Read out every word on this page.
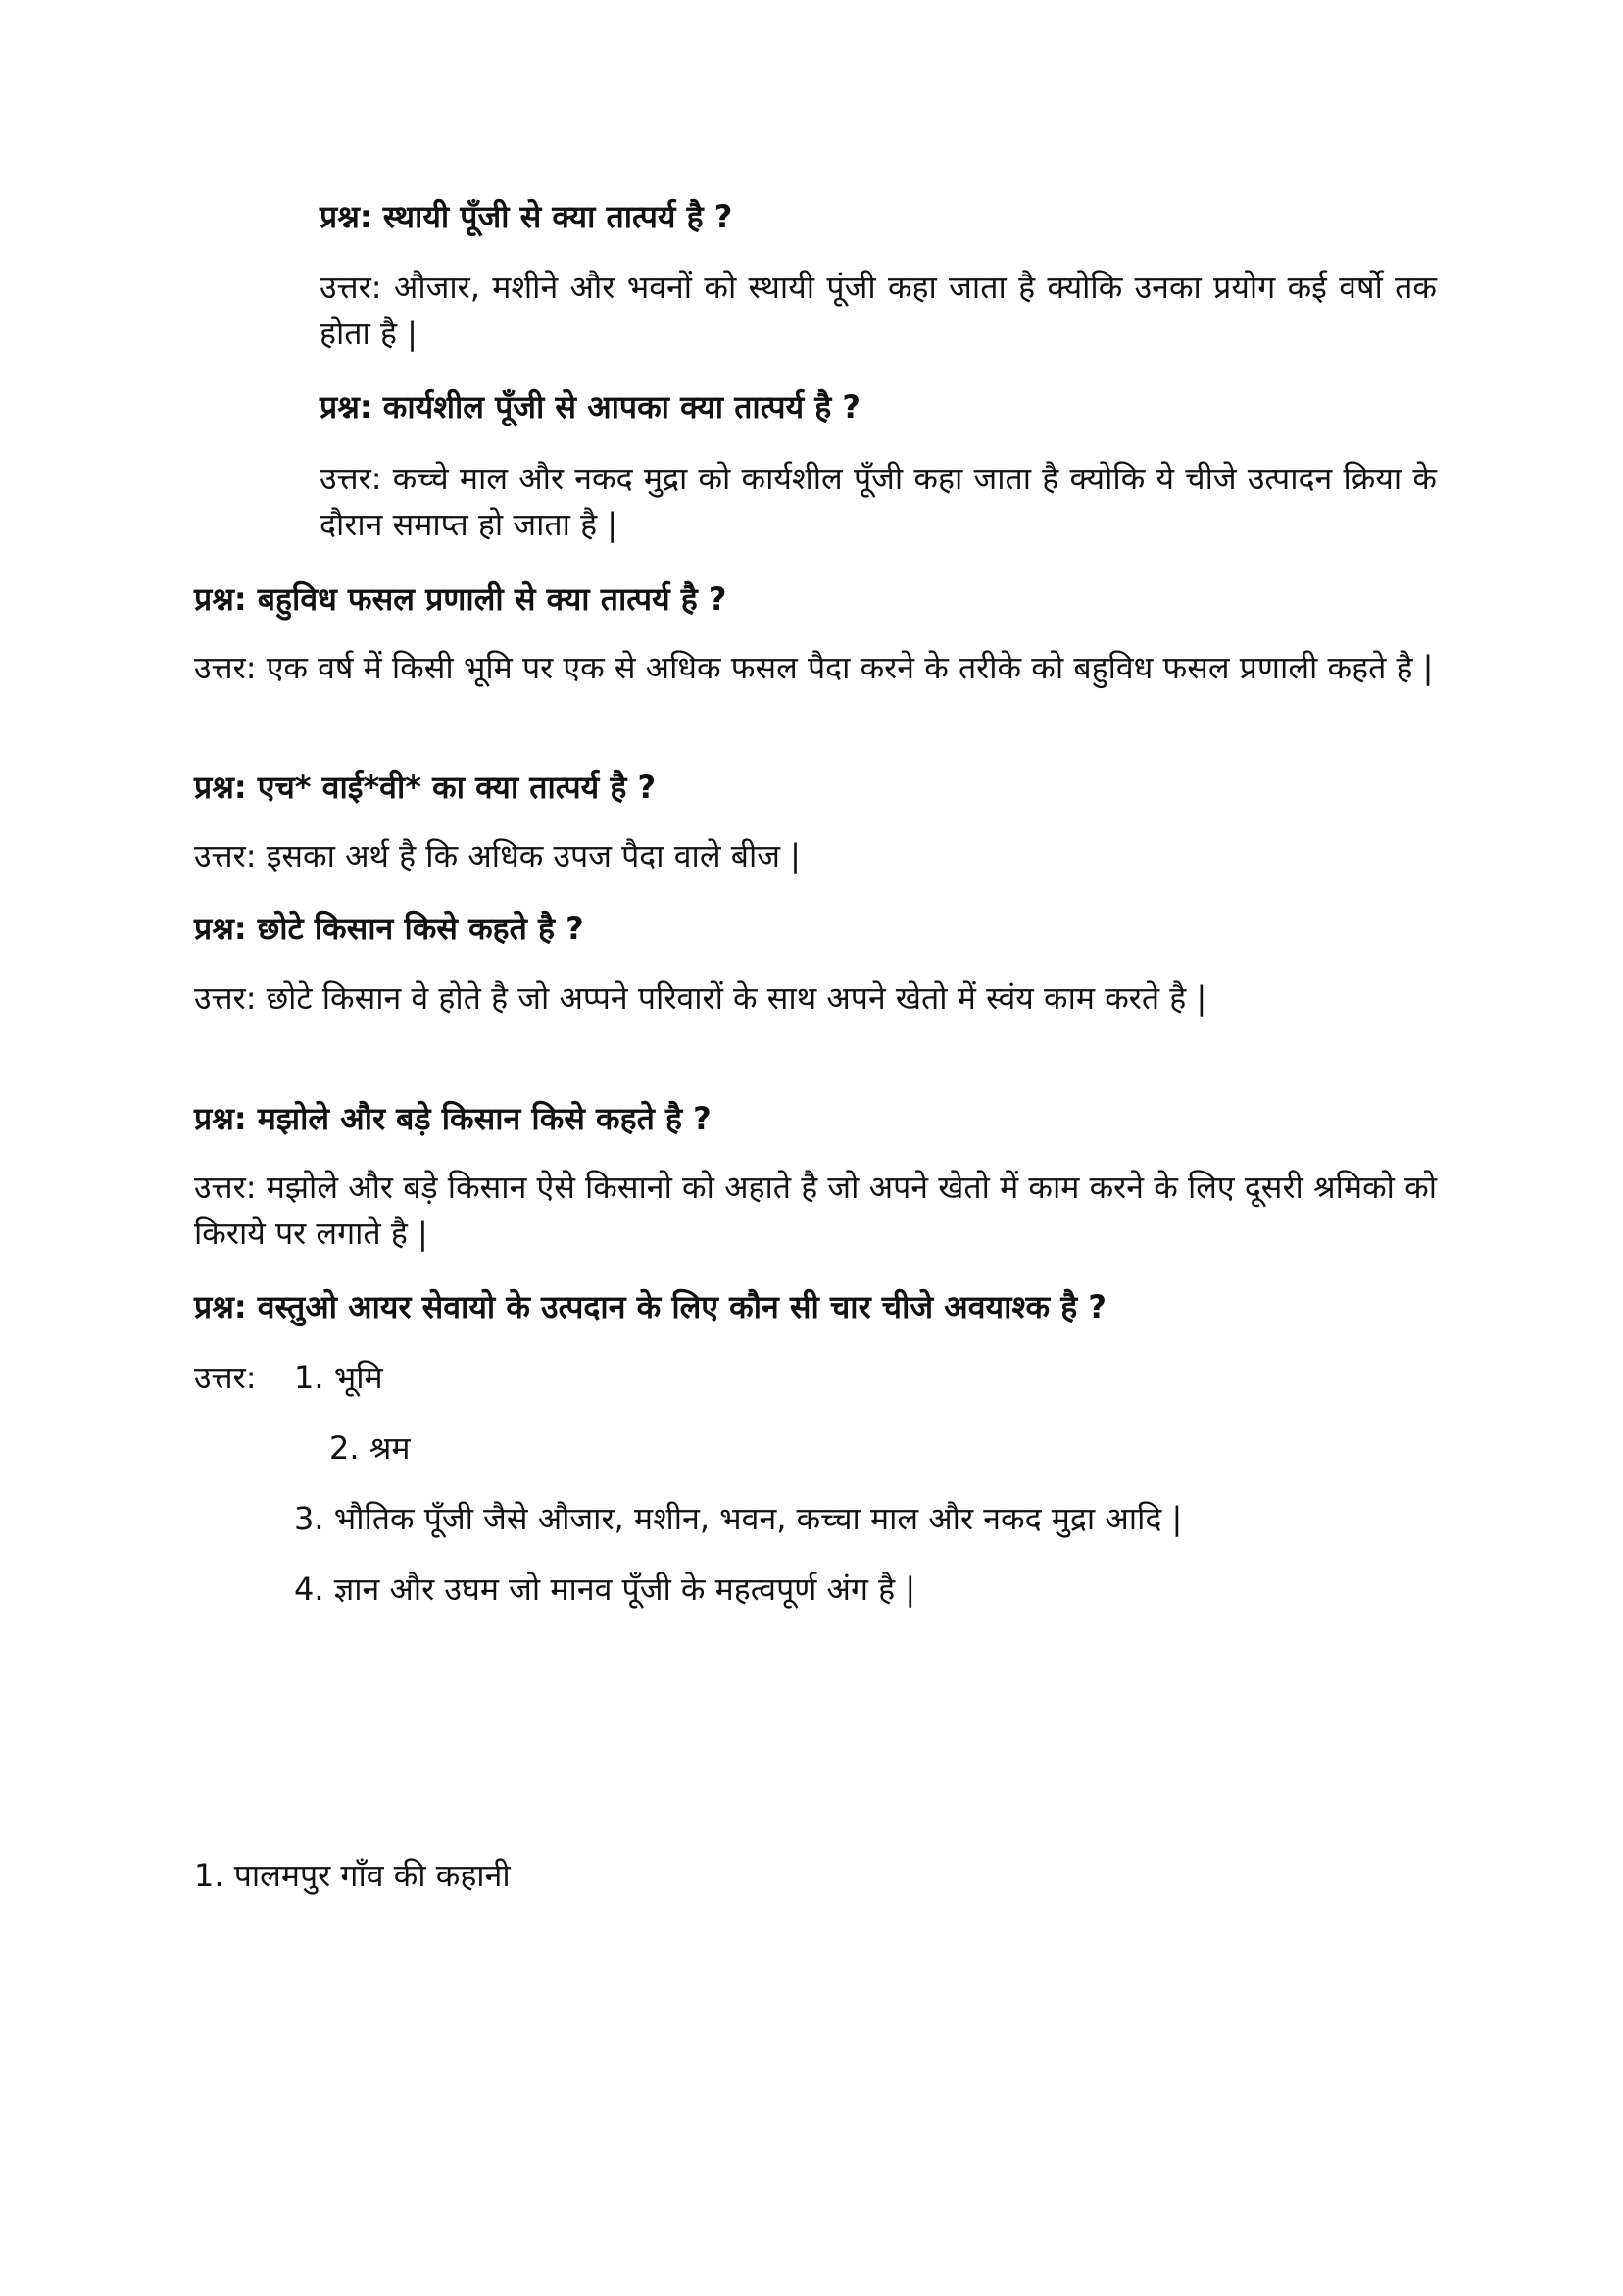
प्रश्न: स्थायी पूँजी से क्या तात्पर्य है ?

उत्तर: औजार, मशीने और भवनों को स्थायी पूंजी कहा जाता है क्योकि उनका प्रयोग कई वर्षो तक होता है |

प्रश्न: कार्यशील पूँजी से आपका क्या तात्पर्य है ?

उत्तर: कच्चे माल और नकद मुद्रा को कार्यशील पूँजी कहा जाता है क्योकि ये चीजे उत्पादन क्रिया के दौरान समाप्त हो जाता है |

प्रश्न: बहुविध फसल प्रणाली से क्या तात्पर्य है ?

उत्तर: एक वर्ष में किसी भूमि पर एक से अधिक फसल पैदा करने के तरीके को बहुविध फसल प्रणाली कहते है |

प्रश्न: एच* वाई*वी* का क्या तात्पर्य है ?

उत्तर: इसका अर्थ है कि अधिक उपज पैदा वाले बीज |

प्रश्न: छोटे किसान किसे कहते है ?

उत्तर: छोटे किसान वे होते है जो अप्पने परिवारों के साथ अपने खेतो में स्वंय काम करते है |

प्रश्न: मझोले और बड़े किसान किसे कहते है ?

उत्तर: मझोले और बड़े किसान ऐसे किसानो को अहाते है जो अपने खेतो में काम करने के लिए दूसरी श्रमिको को किराये पर लगाते है |

प्रश्न: वस्तुओ आयर सेवायो के उत्पदान के लिए कौन सी चार चीजे अवयाश्क है ?

उत्तर: 1. भूमि

2. श्रम

3. भौतिक पूँजी जैसे औजार, मशीन, भवन, कच्चा माल और नकद मुद्रा आदि |

4. ज्ञान और उघम जो मानव पूँजी के महत्वपूर्ण अंग है |

1. पालमपुर गाँव की कहानी
